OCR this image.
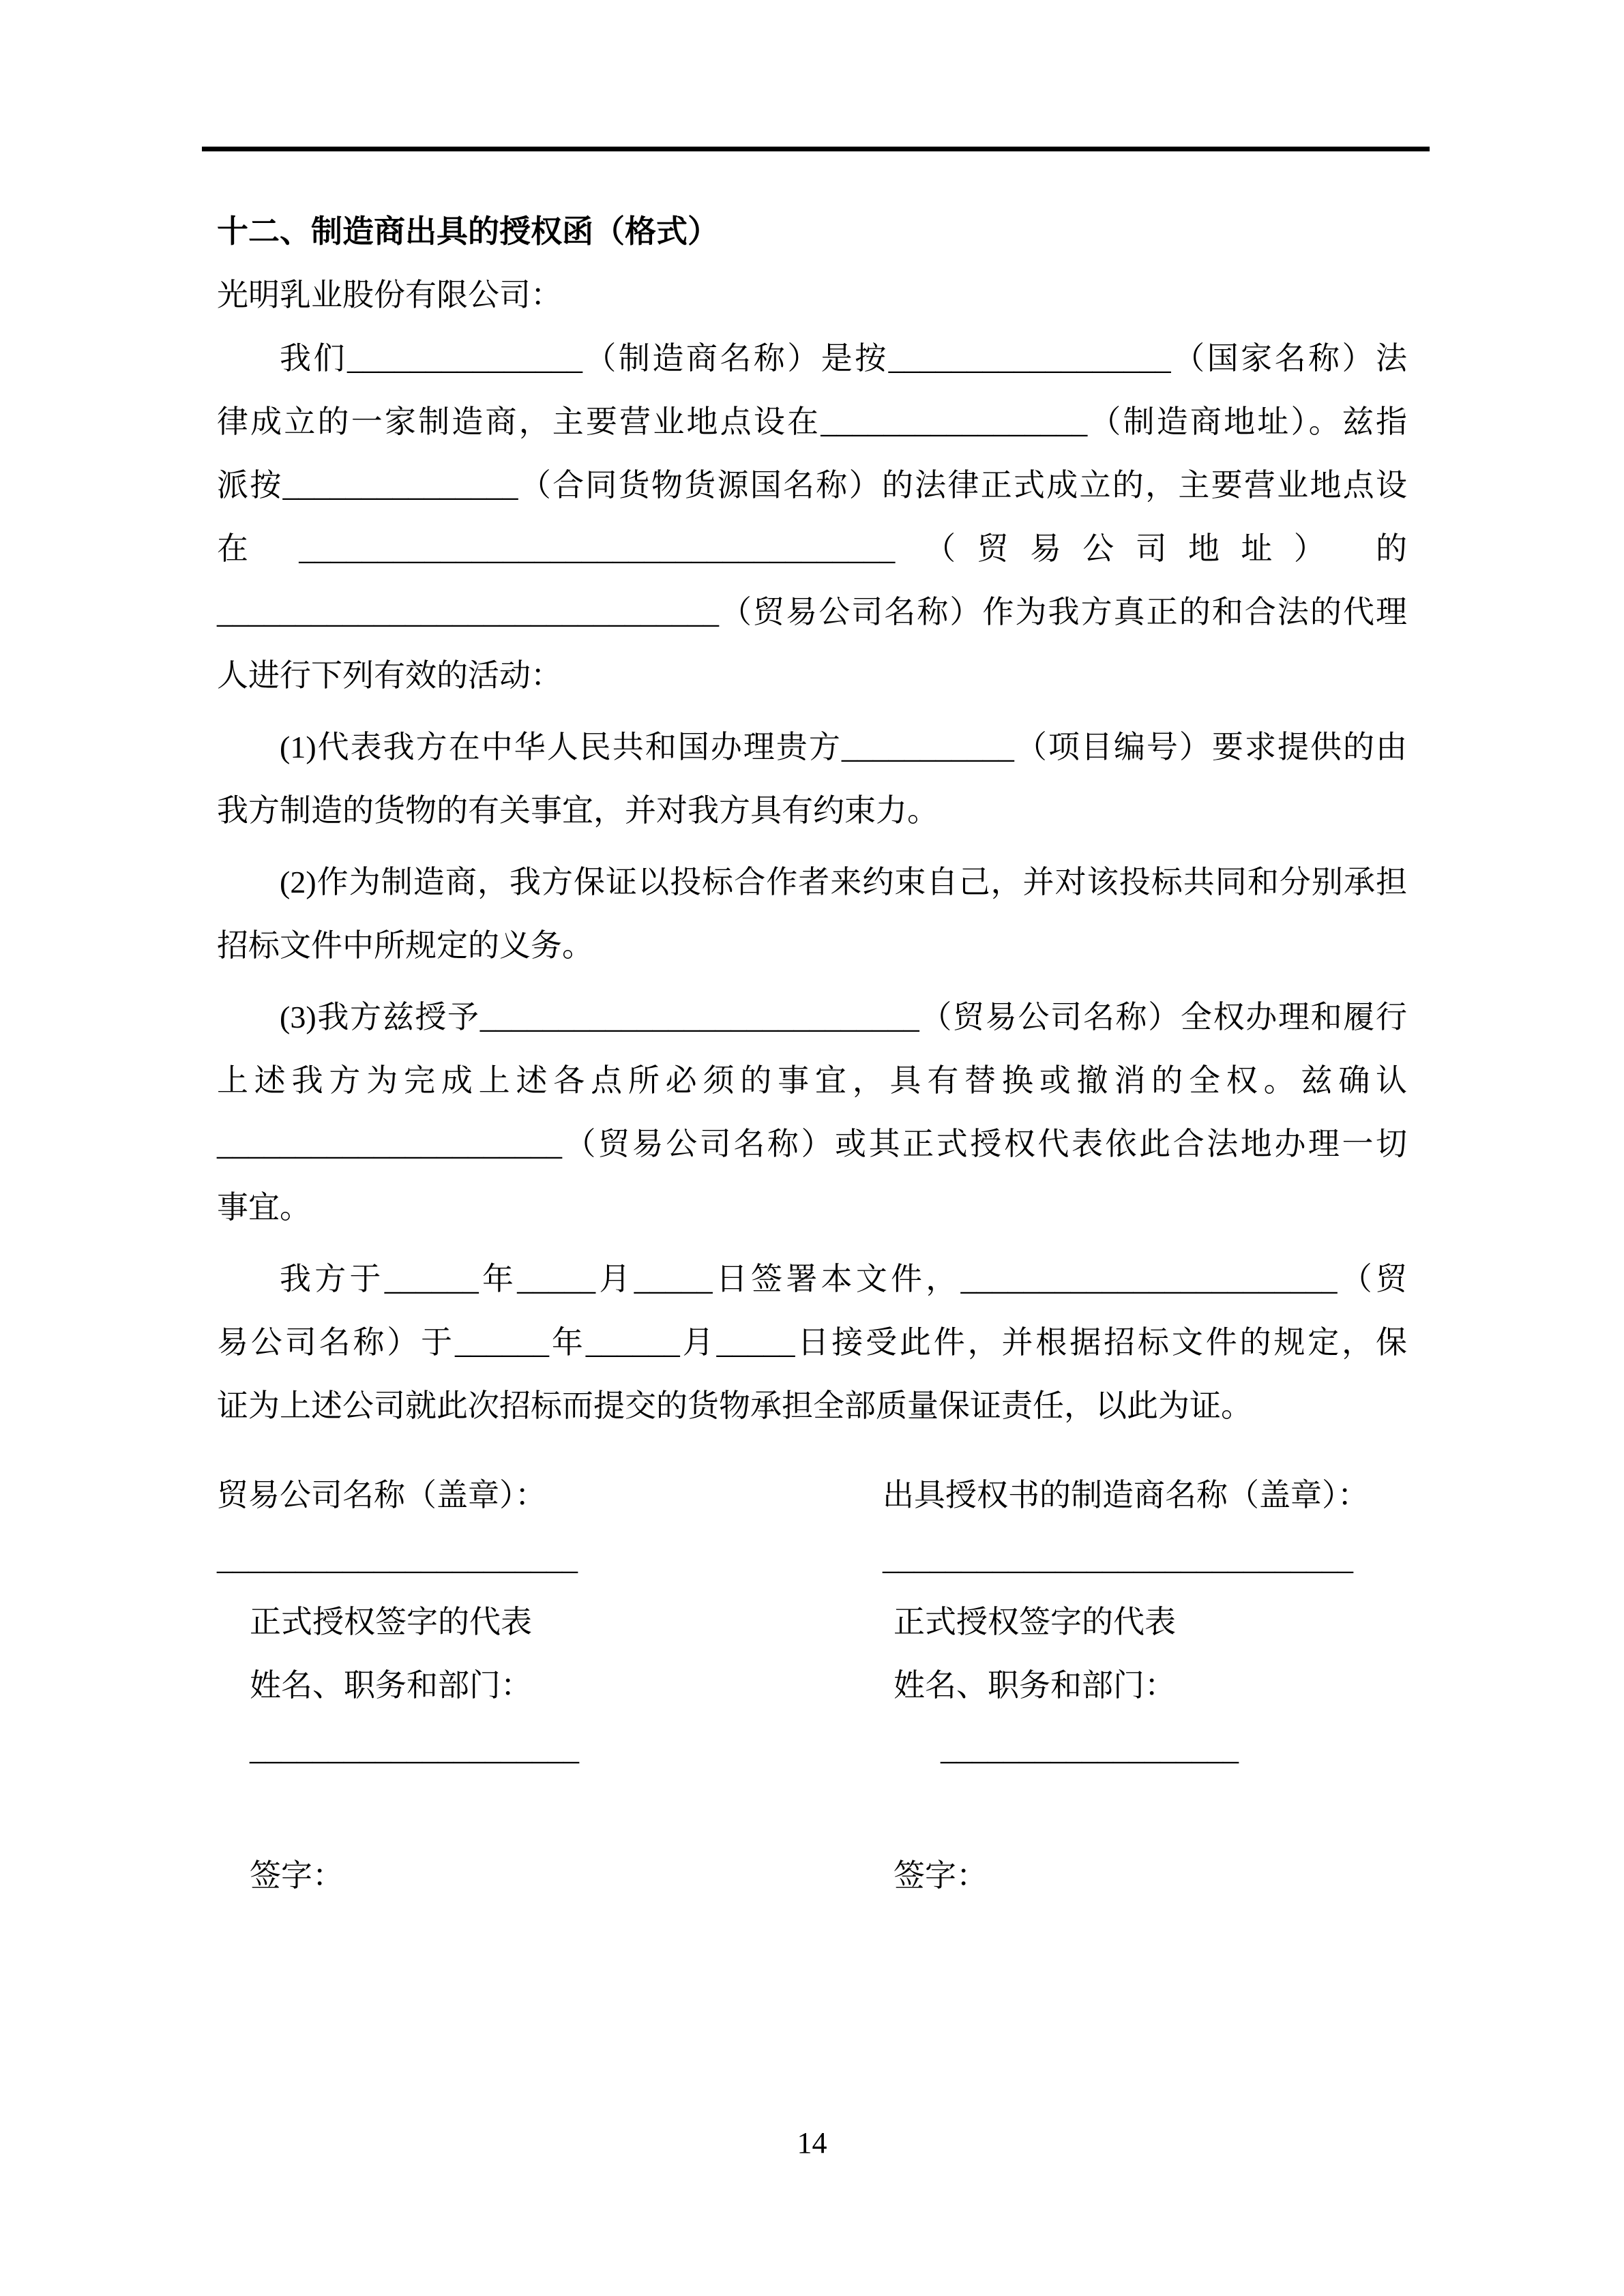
十二、制造商出具的授权函（格式）

光明乳业股份有限公司：

我们_______________（制造商名称）是按__________________（国家名称）法

律成立的一家制造商，主要营业地点设在_________________（制造商地址）。兹指

派按_______________（合同货物货源国名称）的法律正式成立的，主要营业地点设

在 ______________________________________ （贸易公司地址） 的

________________________________（贸易公司名称）作为我方真正的和合法的代理

人进行下列有效的活动：

(1)代表我方在中华人民共和国办理贵方___________（项目编号）要求提供的由

我方制造的货物的有关事宜，并对我方具有约束力。

(2)作为制造商，我方保证以投标合作者来约束自己，并对该投标共同和分别承担

招标文件中所规定的义务。

(3)我方兹授予____________________________（贸易公司名称）全权办理和履行

上述我方为完成上述各点所必须的事宜，具有替换或撤消的全权。兹确认

______________________（贸易公司名称）或其正式授权代表依此合法地办理一切

事宜。

我方于______年_____月_____日签署本文件，________________________（贸

易公司名称）于______年______月_____日接受此件，并根据招标文件的规定，保

证为上述公司就此次招标而提交的货物承担全部质量保证责任，以此为证。

贸易公司名称（盖章）：

_______________________

正式授权签字的代表

姓名、职务和部门：

_____________________

签字：

出具授权书的制造商名称（盖章）：

______________________________

正式授权签字的代表

姓名、职务和部门：

___________________

签字：

14
